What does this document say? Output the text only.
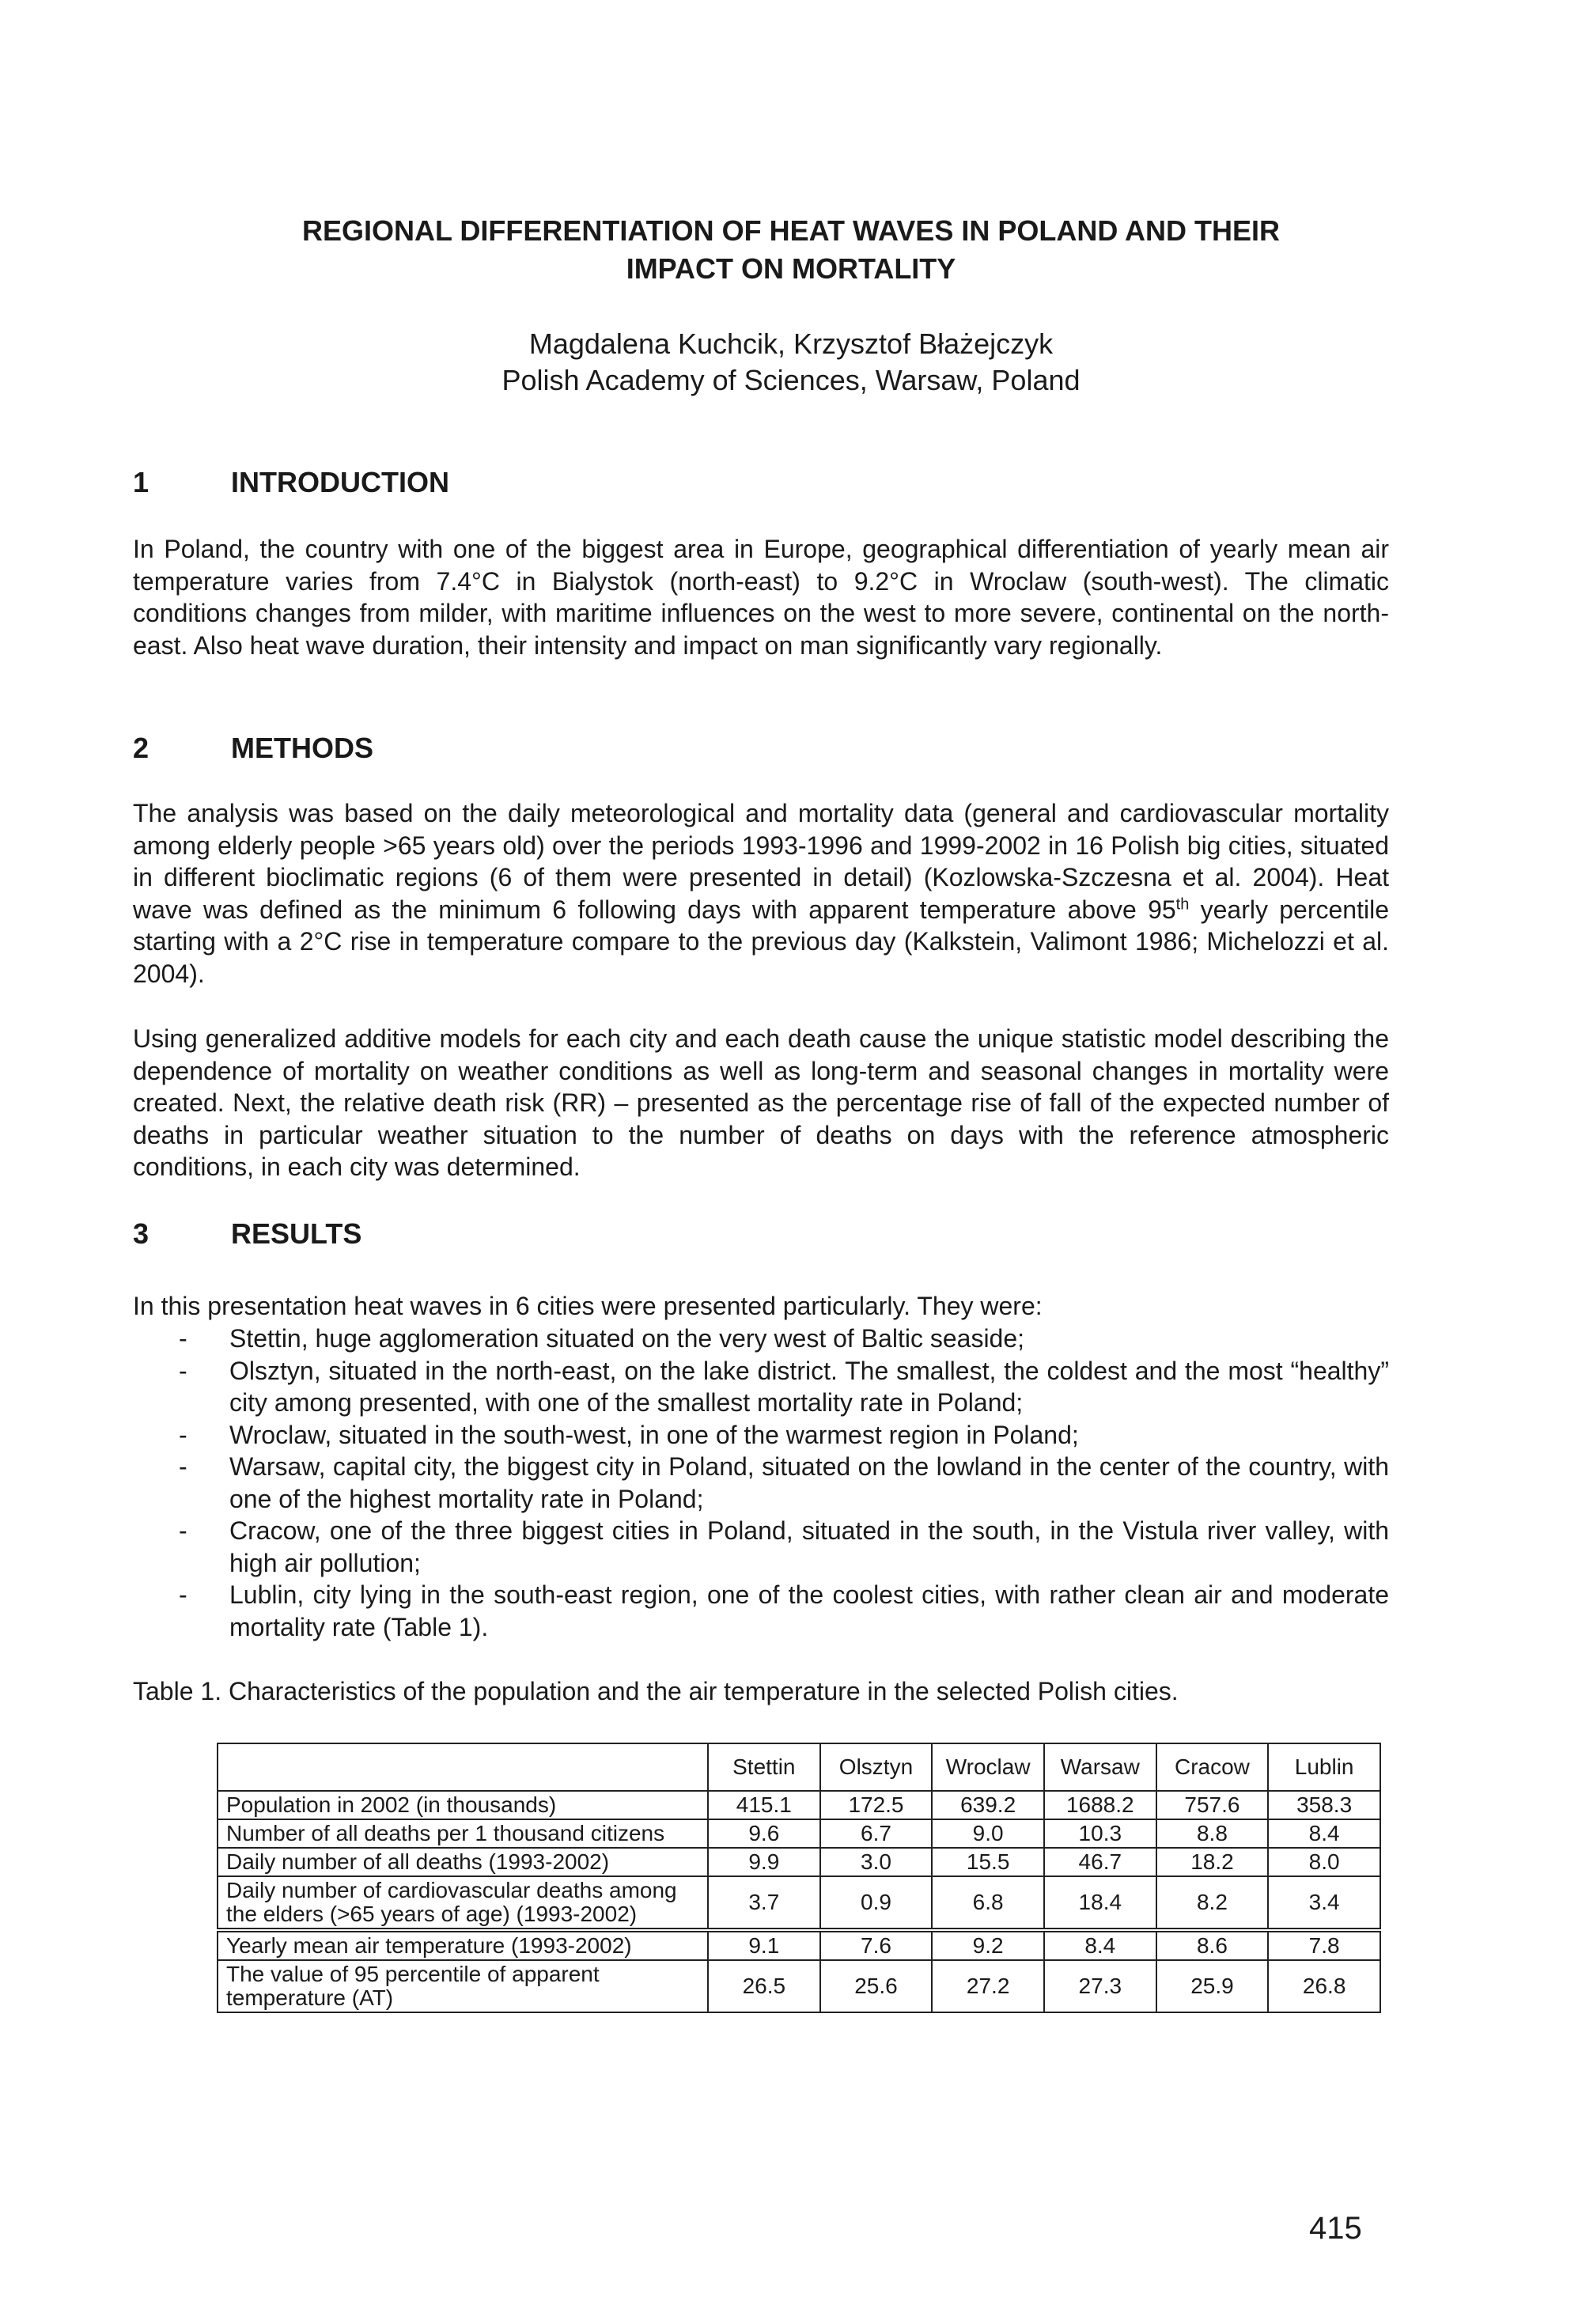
REGIONAL DIFFERENTIATION OF HEAT WAVES IN POLAND AND THEIR
IMPACT ON MORTALITY
Magdalena Kuchcik, Krzysztof Błażejczyk
Polish Academy of Sciences, Warsaw, Poland
1	INTRODUCTION

In Poland, the country with one of the biggest area in Europe, geographical differentiation of yearly mean air temperature varies from 7.4°C in Bialystok (north-east) to 9.2°C in Wroclaw (south-west). The climatic conditions changes from milder, with maritime influences on the west to more severe, continental on the north-east. Also heat wave duration, their intensity and impact on man significantly vary regionally.

2	METHODS

The analysis was based on the daily meteorological and mortality data (general and cardiovascular mortality among elderly people >65 years old) over the periods 1993-1996 and 1999-2002 in 16 Polish big cities, situated in different bioclimatic regions (6 of them were presented in detail) (Kozlowska-Szczesna et al. 2004). Heat wave was defined as the minimum 6 following days with apparent temperature above 95th yearly percentile starting with a 2°C rise in temperature compare to the previous day (Kalkstein, Valimont 1986; Michelozzi et al. 2004).

Using generalized additive models for each city and each death cause the unique statistic model describing the dependence of mortality on weather conditions as well as long-term and seasonal changes in mortality were created. Next, the relative death risk (RR) – presented as the percentage rise of fall of the expected number of deaths in particular weather situation to the number of deaths on days with the reference atmospheric conditions, in each city was determined.

3	RESULTS

In this presentation heat waves in 6 cities were presented particularly. They were:

- Stettin, huge agglomeration situated on the very west of Baltic seaside;
- Olsztyn, situated in the north-east, on the lake district. The smallest, the coldest and the most “healthy” city among presented, with one of the smallest mortality rate in Poland;
- Wroclaw, situated in the south-west, in one of the warmest region in Poland;
- Warsaw, capital city, the biggest city in Poland, situated on the lowland in the center of the country, with one of the highest mortality rate in Poland;
- Cracow, one of the three biggest cities in Poland, situated in the south, in the Vistula river valley, with high air pollution;
- Lublin, city lying in the south-east region, one of the coolest cities, with rather clean air and moderate mortality rate (Table 1).

Table 1. Characteristics of the population and the air temperature in the selected Polish cities.

	Stettin	Olsztyn	Wroclaw	Warsaw	Cracow	Lublin
Population in 2002 (in thousands)	415.1	172.5	639.2	1688.2	757.6	358.3
Number of all deaths per 1 thousand citizens	9.6	6.7	9.0	10.3	8.8	8.4
Daily number of all deaths (1993-2002)	9.9	3.0	15.5	46.7	18.2	8.0
Daily number of cardiovascular deaths among the elders (>65 years of age) (1993-2002)	3.7	0.9	6.8	18.4	8.2	3.4
Yearly mean air temperature (1993-2002)	9.1	7.6	9.2	8.4	8.6	7.8
The value of 95 percentile of apparent temperature (AT)	26.5	25.6	27.2	27.3	25.9	26.8

415
